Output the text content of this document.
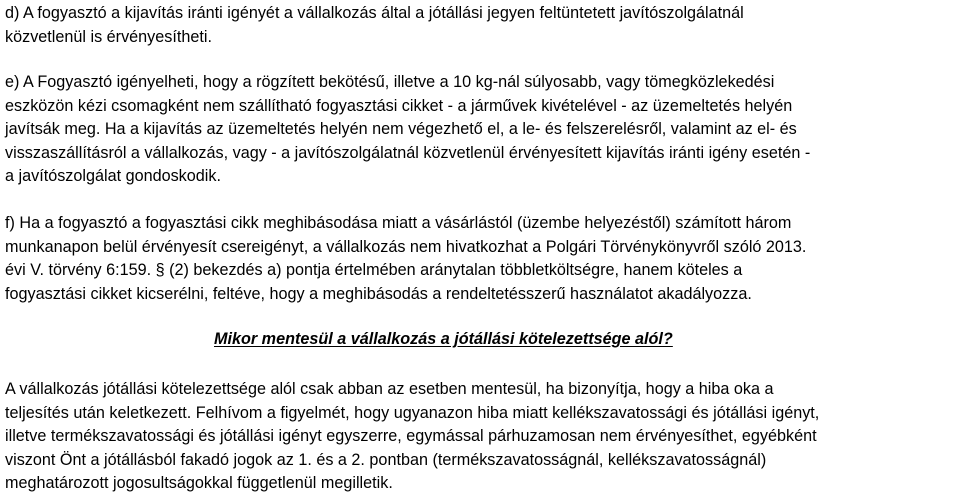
d) A fogyasztó a kijavítás iránti igényét a vállalkozás által a jótállási jegyen feltüntetett javítószolgálatnál
közvetlenül is érvényesítheti.
e) A Fogyasztó igényelheti, hogy a rögzített bekötésű, illetve a 10 kg-nál súlyosabb, vagy tömegközlekedési
eszközön kézi csomagként nem szállítható fogyasztási cikket - a járművek kivételével - az üzemeltetés helyén
javítsák meg. Ha a kijavítás az üzemeltetés helyén nem végezhető el, a le- és felszerelésről, valamint az el- és
visszaszállításról a vállalkozás, vagy - a javítószolgálatnál közvetlenül érvényesített kijavítás iránti igény esetén -
a javítószolgálat gondoskodik.
f) Ha a fogyasztó a fogyasztási cikk meghibásodása miatt a vásárlástól (üzembe helyezéstől) számított három
munkanapon belül érvényesít csereigényt, a vállalkozás nem hivatkozhat a Polgári Törvénykönyvről szóló 2013.
évi V. törvény 6:159. § (2) bekezdés a) pontja értelmében aránytalan többletköltségre, hanem köteles a
fogyasztási cikket kicserélni, feltéve, hogy a meghibásodás a rendeltetésszerű használatot akadályozza.
Mikor mentesül a vállalkozás a jótállási kötelezettsége alól?
A vállalkozás jótállási kötelezettsége alól csak abban az esetben mentesül, ha bizonyítja, hogy a hiba oka a
teljesítés után keletkezett. Felhívom a figyelmét, hogy ugyanazon hiba miatt kellékszavatossági és jótállási igényt,
illetve termékszavatossági és jótállási igényt egyszerre, egymással párhuzamosan nem érvényesíthet, egyébként
viszont Önt a jótállásból fakadó jogok az 1. és a 2. pontban (termékszavatosságnál, kellékszavatosságnál)
meghatározott jogosultságokkal függetlenül megilletik.
